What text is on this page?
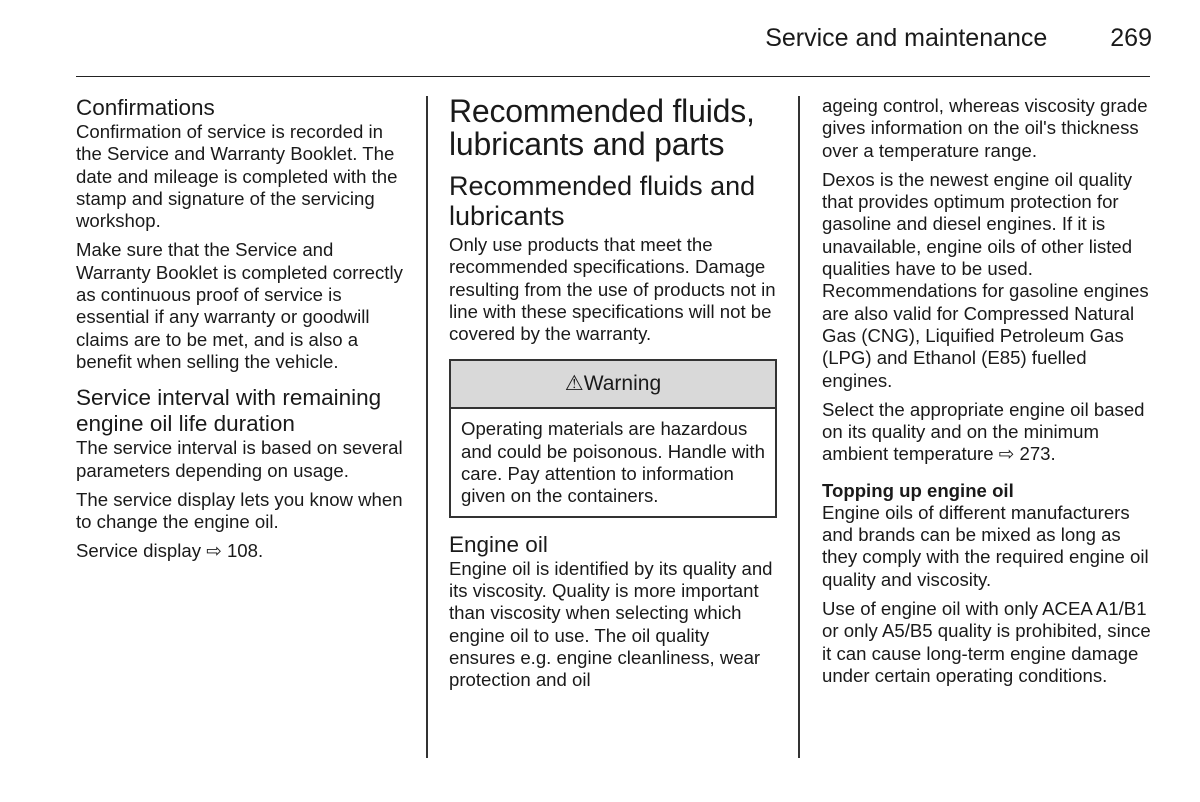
Service and maintenance	269
Confirmations

Confirmation of service is recorded in the Service and Warranty Booklet. The date and mileage is completed with the stamp and signature of the servicing workshop.

Make sure that the Service and Warranty Booklet is completed correctly as continuous proof of service is essential if any warranty or goodwill claims are to be met, and is also a benefit when selling the vehicle.

Service interval with remaining engine oil life duration

The service interval is based on several parameters depending on usage.

The service display lets you know when to change the engine oil.

Service display ⇨ 108.

Recommended fluids, lubricants and parts
Recommended fluids and lubricants

Only use products that meet the recommended specifications. Damage resulting from the use of products not in line with these specifications will not be covered by the warranty.

⚠Warning

Operating materials are hazardous and could be poisonous. Handle with care. Pay attention to information given on the containers.

Engine oil

Engine oil is identified by its quality and its viscosity. Quality is more important than viscosity when selecting which engine oil to use. The oil quality ensures e.g. engine cleanliness, wear protection and oil

ageing control, whereas viscosity grade gives information on the oil's thickness over a temperature range.

Dexos is the newest engine oil quality that provides optimum protection for gasoline and diesel engines. If it is unavailable, engine oils of other listed qualities have to be used. Recommendations for gasoline engines are also valid for Compressed Natural Gas (CNG), Liquified Petroleum Gas (LPG) and Ethanol (E85) fuelled engines.

Select the appropriate engine oil based on its quality and on the minimum ambient temperature ⇨ 273.

Topping up engine oil

Engine oils of different manufacturers and brands can be mixed as long as they comply with the required engine oil quality and viscosity.

Use of engine oil with only ACEA A1/B1 or only A5/B5 quality is prohibited, since it can cause long-term engine damage under certain operating conditions.
